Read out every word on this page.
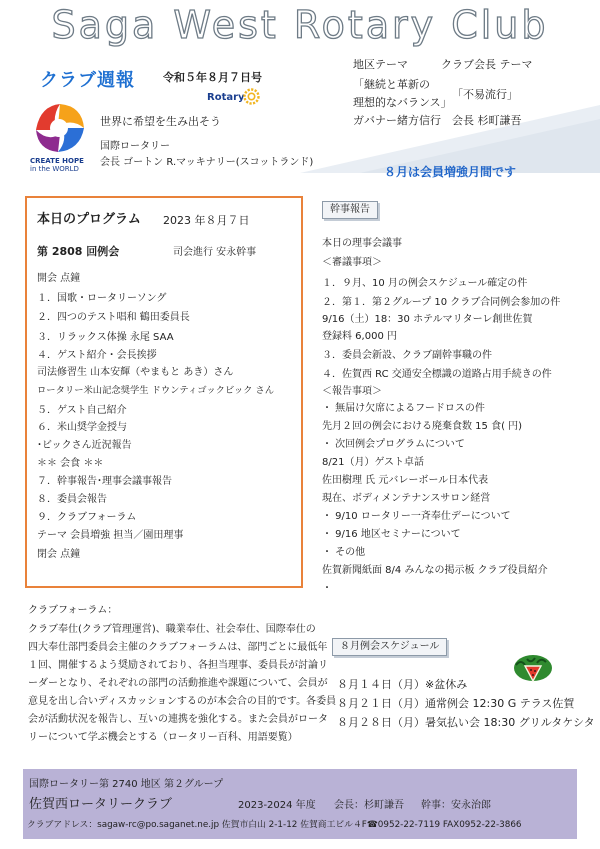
Saga West Rotary Club
クラブ週報	令和５年８月７日号
Rotary
CREATE HOPE
in the WORLD
世界に希望を生み出そう
国際ロータリー
会長 ゴートン R.マッキナリー(スコットランド)
地区テーマ
「継続と革新の
理想的なバランス」
ガバナー緒方信行
クラブ会長 テーマ
「不易流行」
会長 杉町謙吾
８月は会員増強月間です
本日のプログラム 2023 年８月７日
第 2808 回例会	司会進行 安永幹事
開会 点鐘
１．国歌・ロータリーソング
２．四つのテスト唱和 鶴田委員長
３．リラックス体操 永尾 SAA
４．ゲスト紹介・会長挨拶
司法修習生 山本安輝（やまもと あき）さん
ロータリー米山記念奨学生 ドウンティゴックビック さん
５．ゲスト自己紹介
６．米山奨学金授与
･ビックさん近況報告
＊＊ 会食 ＊＊
７．幹事報告･理事会議事報告
８．委員会報告
９．クラブフォーラム
テーマ 会員増強 担当／園田理事
閉会 点鐘
幹事報告
本日の理事会議事
＜審議事項＞
１．９月、10 月の例会スケジュール確定の件
２．第１．第２グループ 10 クラブ合同例会参加の件
9/16（土）18：30 ホテルマリターレ創世佐賀
登録料 6,000 円
３．委員会新設、クラブ副幹事職の件
４．佐賀西 RC 交通安全標識の道路占用手続きの件
＜報告事項＞
・ 無届け欠席によるフードロスの件
先月２回の例会における廃棄食数 15 食( 円)
・ 次回例会プログラムについて
8/21（月）ゲスト卓話
佐田樹理 氏 元バレーボール日本代表
現在、ボディメンテナンスサロン経営
・ 9/10 ロータリー一斉奉仕デーについて
・ 9/16 地区セミナーについて
・ その他
佐賀新聞紙面 8/4 みんなの掲示板 クラブ役員紹介
・
８月例会スケジュール
８月１４日（月）※盆休み
８月２１日（月）通常例会 12:30 G テラス佐賀
８月２８日（月）暑気払い会 18:30 グリルタケシタ
クラブフォーラム：
クラブ奉仕(クラブ管理運営)、職業奉仕、社会奉仕、国際奉仕の
四大奉仕部門委員会主催のクラブフォーラムは、部門ごとに最低年
１回、開催するよう奨励されており、各担当理事、委員長が討論リ
ーダーとなり、それぞれの部門の活動推進や課題について、会員が
意見を出し合いディスカッションするのが本会合の目的です。各委員
会が活動状況を報告し、互いの連携を強化する。また会員がロータ
リーについて学ぶ機会とする（ロータリー百科、用語要覧）
国際ロータリー第 2740 地区 第２グループ
佐賀西ロータリークラブ	2023-2024 年度 会長：杉町謙吾 幹事：安永治郎
クラブアドレス：sagaw-rc@po.saganet.ne.jp 佐賀市白山 2-1-12 佐賀商工ビル４F☎0952-22-7119 FAX0952-22-3866
